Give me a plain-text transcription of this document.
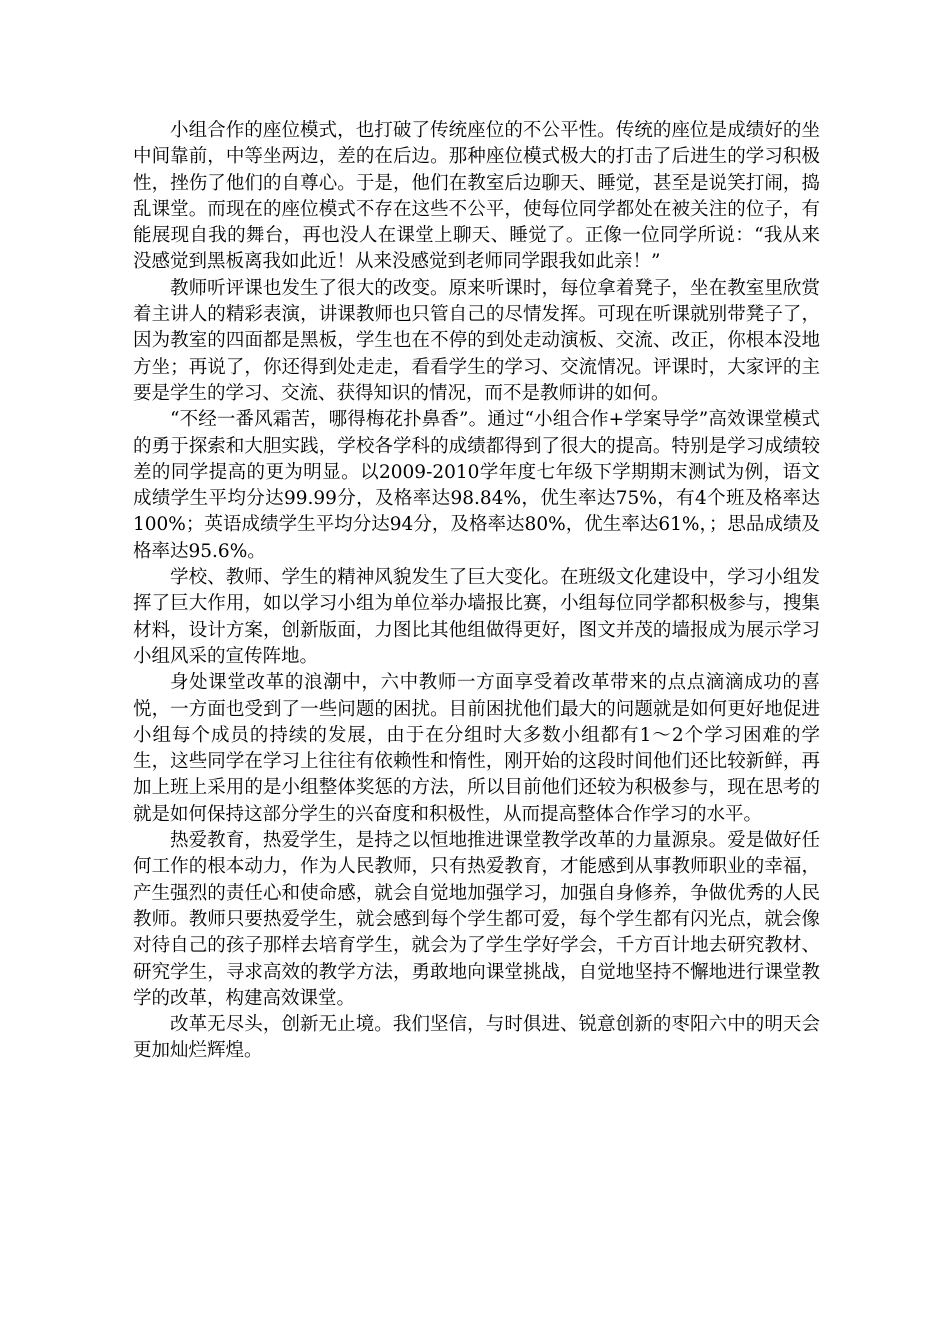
小组合作的座位模式，也打破了传统座位的不公平性。传统的座位是成绩好的坐中间靠前，中等坐两边，差的在后边。那种座位模式极大的打击了后进生的学习积极性，挫伤了他们的自尊心。于是，他们在教室后边聊天、睡觉，甚至是说笑打闹，捣乱课堂。而现在的座位模式不存在这些不公平，使每位同学都处在被关注的位子，有能展现自我的舞台，再也没人在课堂上聊天、睡觉了。正像一位同学所说：“我从来没感觉到黑板离我如此近！从来没感觉到老师同学跟我如此亲！”

教师听评课也发生了很大的改变。原来听课时，每位拿着凳子，坐在教室里欣赏着主讲人的精彩表演，讲课教师也只管自己的尽情发挥。可现在听课就别带凳子了，因为教室的四面都是黑板，学生也在不停的到处走动演板、交流、改正，你根本没地方坐；再说了，你还得到处走走，看看学生的学习、交流情况。评课时，大家评的主要是学生的学习、交流、获得知识的情况，而不是教师讲的如何。

“不经一番风霜苦，哪得梅花扑鼻香”。通过“小组合作+学案导学”高效课堂模式的勇于探索和大胆实践，学校各学科的成绩都得到了很大的提高。特别是学习成绩较差的同学提高的更为明显。以2009-2010学年度七年级下学期期末测试为例，语文成绩学生平均分达99.99分，及格率达98.84%，优生率达75%，有4个班及格率达100%；英语成绩学生平均分达94分，及格率达80%，优生率达61%，；思品成绩及格率达95.6%。

学校、教师、学生的精神风貌发生了巨大变化。在班级文化建设中，学习小组发挥了巨大作用，如以学习小组为单位举办墙报比赛，小组每位同学都积极参与，搜集材料，设计方案，创新版面，力图比其他组做得更好，图文并茂的墙报成为展示学习小组风采的宣传阵地。

身处课堂改革的浪潮中，六中教师一方面享受着改革带来的点点滴滴成功的喜悦，一方面也受到了一些问题的困扰。目前困扰他们最大的问题就是如何更好地促进小组每个成员的持续的发展，由于在分组时大多数小组都有1～2个学习困难的学生，这些同学在学习上往往有依赖性和惰性，刚开始的这段时间他们还比较新鲜，再加上班上采用的是小组整体奖惩的方法，所以目前他们还较为积极参与，现在思考的就是如何保持这部分学生的兴奋度和积极性，从而提高整体合作学习的水平。

热爱教育，热爱学生，是持之以恒地推进课堂教学改革的力量源泉。爱是做好任何工作的根本动力，作为人民教师，只有热爱教育，才能感到从事教师职业的幸福，产生强烈的责任心和使命感，就会自觉地加强学习，加强自身修养，争做优秀的人民教师。教师只要热爱学生，就会感到每个学生都可爱，每个学生都有闪光点，就会像对待自己的孩子那样去培育学生，就会为了学生学好学会，千方百计地去研究教材、研究学生，寻求高效的教学方法，勇敢地向课堂挑战，自觉地坚持不懈地进行课堂教学的改革，构建高效课堂。

改革无尽头，创新无止境。我们坚信，与时俱进、锐意创新的枣阳六中的明天会更加灿烂辉煌。
